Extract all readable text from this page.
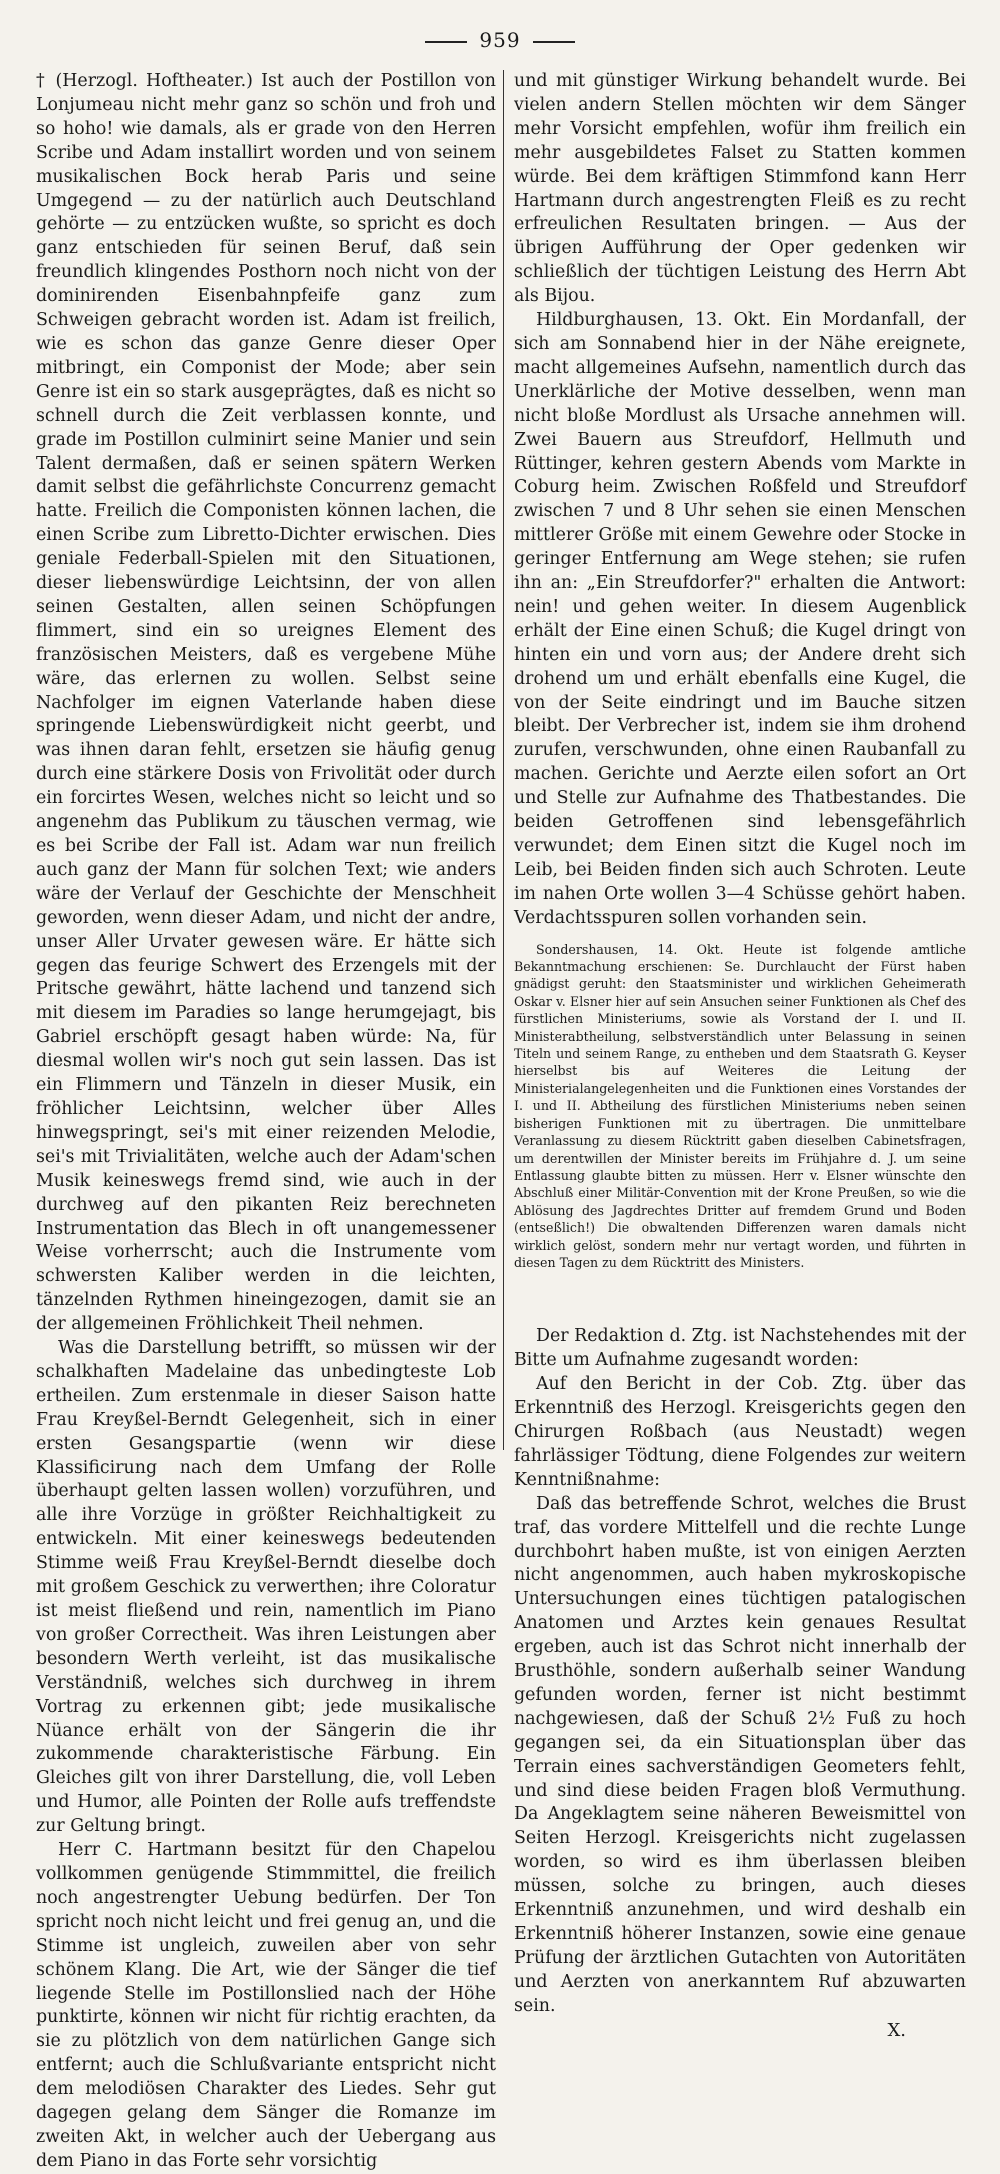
959

† (Herzogl. Hoftheater.) Ist auch der Postillon von Lonjumeau nicht mehr ganz so schön und froh und so hoho! wie damals, als er grade von den Herren Scribe und Adam installirt worden und von seinem musikalischen Bock herab Paris und seine Umgegend — zu der natürlich auch Deutschland gehörte — zu entzücken wußte, so spricht es doch ganz entschieden für seinen Beruf, daß sein freundlich klingendes Posthorn noch nicht von der dominirenden Eisenbahnpfeife ganz zum Schweigen gebracht worden ist. Adam ist freilich, wie es schon das ganze Genre dieser Oper mitbringt, ein Componist der Mode; aber sein Genre ist ein so stark ausgeprägtes, daß es nicht so schnell durch die Zeit verblassen konnte, und grade im Postillon culminirt seine Manier und sein Talent dermaßen, daß er seinen spätern Werken damit selbst die gefährlichste Concurrenz gemacht hatte. Freilich die Componisten können lachen, die einen Scribe zum Libretto-Dichter erwischen. Dies geniale Federball-Spielen mit den Situationen, dieser liebenswürdige Leichtsinn, der von allen seinen Gestalten, allen seinen Schöpfungen flimmert, sind ein so ureignes Element des französischen Meisters, daß es vergebene Mühe wäre, das erlernen zu wollen. Selbst seine Nachfolger im eignen Vaterlande haben diese springende Liebenswürdigkeit nicht geerbt, und was ihnen daran fehlt, ersetzen sie häufig genug durch eine stärkere Dosis von Frivolität oder durch ein forcirtes Wesen, welches nicht so leicht und so angenehm das Publikum zu täuschen vermag, wie es bei Scribe der Fall ist. Adam war nun freilich auch ganz der Mann für solchen Text; wie anders wäre der Verlauf der Geschichte der Menschheit geworden, wenn dieser Adam, und nicht der andre, unser Aller Urvater gewesen wäre. Er hätte sich gegen das feurige Schwert des Erzengels mit der Pritsche gewährt, hätte lachend und tanzend sich mit diesem im Paradies so lange herumgejagt, bis Gabriel erschöpft gesagt haben würde: Na, für diesmal wollen wir's noch gut sein lassen. Das ist ein Flimmern und Tänzeln in dieser Musik, ein fröhlicher Leichtsinn, welcher über Alles hinwegspringt, sei's mit einer reizenden Melodie, sei's mit Trivialitäten, welche auch der Adam'schen Musik keineswegs fremd sind, wie auch in der durchweg auf den pikanten Reiz berechneten Instrumentation das Blech in oft unangemessener Weise vorherrscht; auch die Instrumente vom schwersten Kaliber werden in die leichten, tänzelnden Rythmen hineingezogen, damit sie an der allgemeinen Fröhlichkeit Theil nehmen.

Was die Darstellung betrifft, so müssen wir der schalkhaften Madelaine das unbedingteste Lob ertheilen. Zum erstenmale in dieser Saison hatte Frau Kreyßel-Berndt Gelegenheit, sich in einer ersten Gesangspartie (wenn wir diese Klassificirung nach dem Umfang der Rolle überhaupt gelten lassen wollen) vorzuführen, und alle ihre Vorzüge in größter Reichhaltigkeit zu entwickeln. Mit einer keineswegs bedeutenden Stimme weiß Frau Kreyßel-Berndt dieselbe doch mit großem Geschick zu verwerthen; ihre Coloratur ist meist fließend und rein, namentlich im Piano von großer Correctheit. Was ihren Leistungen aber besondern Werth verleiht, ist das musikalische Verständniß, welches sich durchweg in ihrem Vortrag zu erkennen gibt; jede musikalische Nüance erhält von der Sängerin die ihr zukommende charakteristische Färbung. Ein Gleiches gilt von ihrer Darstellung, die, voll Leben und Humor, alle Pointen der Rolle aufs treffendste zur Geltung bringt.

Herr C. Hartmann besitzt für den Chapelou vollkommen genügende Stimmmittel, die freilich noch angestrengter Uebung bedürfen. Der Ton spricht noch nicht leicht und frei genug an, und die Stimme ist ungleich, zuweilen aber von sehr schönem Klang. Die Art, wie der Sänger die tief liegende Stelle im Postillonslied nach der Höhe punktirte, können wir nicht für richtig erachten, da sie zu plötzlich von dem natürlichen Gange sich entfernt; auch die Schlußvariante entspricht nicht dem melodiösen Charakter des Liedes. Sehr gut dagegen gelang dem Sänger die Romanze im zweiten Akt, in welcher auch der Uebergang aus dem Piano in das Forte sehr vorsichtig

und mit günstiger Wirkung behandelt wurde. Bei vielen andern Stellen möchten wir dem Sänger mehr Vorsicht empfehlen, wofür ihm freilich ein mehr ausgebildetes Falset zu Statten kommen würde. Bei dem kräftigen Stimmfond kann Herr Hartmann durch angestrengten Fleiß es zu recht erfreulichen Resultaten bringen. — Aus der übrigen Aufführung der Oper gedenken wir schließlich der tüchtigen Leistung des Herrn Abt als Bijou.

Hildburghausen, 13. Okt. Ein Mordanfall, der sich am Sonnabend hier in der Nähe ereignete, macht allgemeines Aufsehn, namentlich durch das Unerklärliche der Motive desselben, wenn man nicht bloße Mordlust als Ursache annehmen will. Zwei Bauern aus Streufdorf, Hellmuth und Rüttinger, kehren gestern Abends vom Markte in Coburg heim. Zwischen Roßfeld und Streufdorf zwischen 7 und 8 Uhr sehen sie einen Menschen mittlerer Größe mit einem Gewehre oder Stocke in geringer Entfernung am Wege stehen; sie rufen ihn an: „Ein Streufdorfer?" erhalten die Antwort: nein! und gehen weiter. In diesem Augenblick erhält der Eine einen Schuß; die Kugel dringt von hinten ein und vorn aus; der Andere dreht sich drohend um und erhält ebenfalls eine Kugel, die von der Seite eindringt und im Bauche sitzen bleibt. Der Verbrecher ist, indem sie ihm drohend zurufen, verschwunden, ohne einen Raubanfall zu machen. Gerichte und Aerzte eilen sofort an Ort und Stelle zur Aufnahme des Thatbestandes. Die beiden Getroffenen sind lebensgefährlich verwundet; dem Einen sitzt die Kugel noch im Leib, bei Beiden finden sich auch Schroten. Leute im nahen Orte wollen 3—4 Schüsse gehört haben. Verdachtsspuren sollen vorhanden sein.

Sondershausen, 14. Okt. Heute ist folgende amtliche Bekanntmachung erschienen: Se. Durchlaucht der Fürst haben gnädigst geruht: den Staatsminister und wirklichen Geheimerath Oskar v. Elsner hier auf sein Ansuchen seiner Funktionen als Chef des fürstlichen Ministeriums, sowie als Vorstand der I. und II. Ministerabtheilung, selbstverständlich unter Belassung in seinen Titeln und seinem Range, zu entheben und dem Staatsrath G. Keyser hierselbst bis auf Weiteres die Leitung der Ministerialangelegenheiten und die Funktionen eines Vorstandes der I. und II. Abtheilung des fürstlichen Ministeriums neben seinen bisherigen Funktionen mit zu übertragen. Die unmittelbare Veranlassung zu diesem Rücktritt gaben dieselben Cabinetsfragen, um derentwillen der Minister bereits im Frühjahre d. J. um seine Entlassung glaubte bitten zu müssen. Herr v. Elsner wünschte den Abschluß einer Militär-Convention mit der Krone Preußen, so wie die Ablösung des Jagdrechtes Dritter auf fremdem Grund und Boden (entseßlich!) Die obwaltenden Differenzen waren damals nicht wirklich gelöst, sondern mehr nur vertagt worden, und führten in diesen Tagen zu dem Rücktritt des Ministers.

Der Redaktion d. Ztg. ist Nachstehendes mit der Bitte um Aufnahme zugesandt worden:

Auf den Bericht in der Cob. Ztg. über das Erkenntniß des Herzogl. Kreisgerichts gegen den Chirurgen Roßbach (aus Neustadt) wegen fahrlässiger Tödtung, diene Folgendes zur weitern Kenntnißnahme:

Daß das betreffende Schrot, welches die Brust traf, das vordere Mittelfell und die rechte Lunge durchbohrt haben mußte, ist von einigen Aerzten nicht angenommen, auch haben mykroskopische Untersuchungen eines tüchtigen patalogischen Anatomen und Arztes kein genaues Resultat ergeben, auch ist das Schrot nicht innerhalb der Brusthöhle, sondern außerhalb seiner Wandung gefunden worden, ferner ist nicht bestimmt nachgewiesen, daß der Schuß 2½ Fuß zu hoch gegangen sei, da ein Situationsplan über das Terrain eines sachverständigen Geometers fehlt, und sind diese beiden Fragen bloß Vermuthung. Da Angeklagtem seine näheren Beweismittel von Seiten Herzogl. Kreisgerichts nicht zugelassen worden, so wird es ihm überlassen bleiben müssen, solche zu bringen, auch dieses Erkenntniß anzunehmen, und wird deshalb ein Erkenntniß höherer Instanzen, sowie eine genaue Prüfung der ärztlichen Gutachten von Autoritäten und Aerzten von anerkanntem Ruf abzuwarten sein.

X.
